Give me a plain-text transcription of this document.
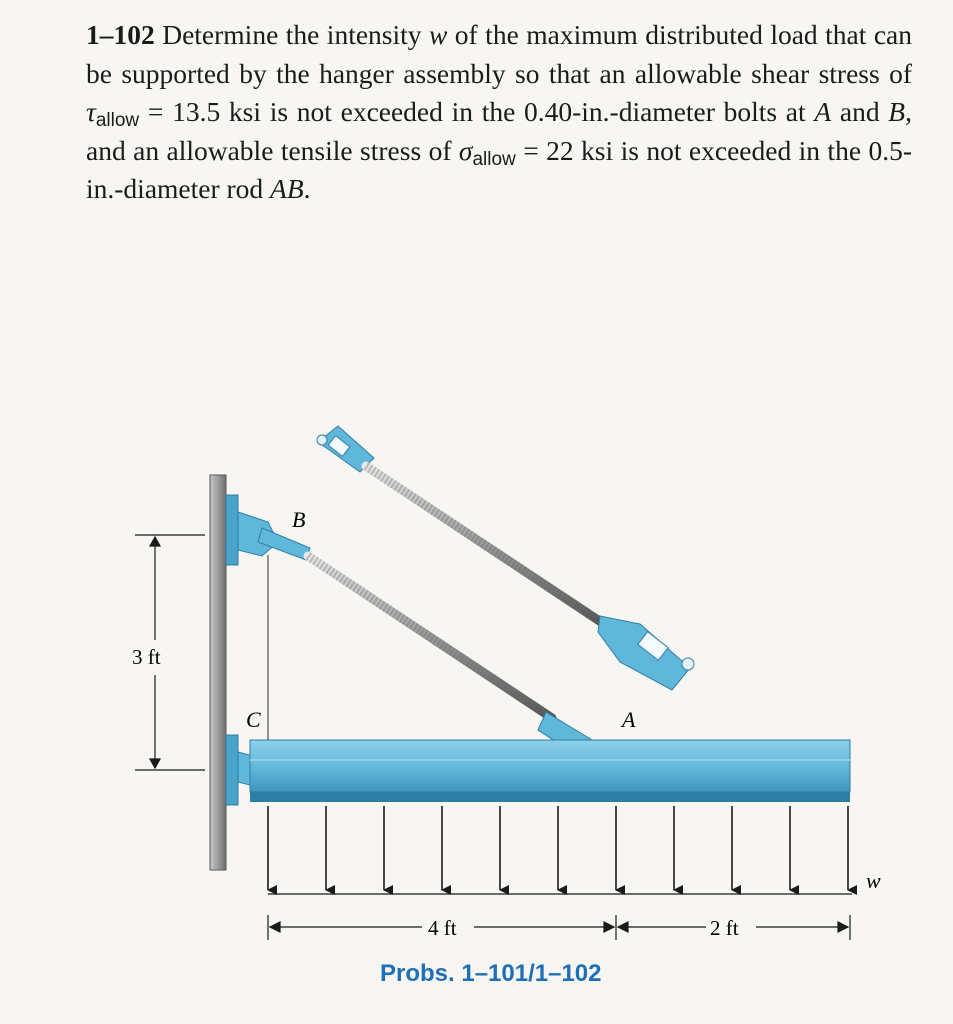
1–102 Determine the intensity w of the maximum distributed load that can be supported by the hanger assembly so that an allowable shear stress of $\tau_{allow} = 13.5$ ksi is not exceeded in the 0.40-in.-diameter bolts at A and B, and an allowable tensile stress of $\sigma_{allow} = 22$ ksi is not exceeded in the 0.5-in.-diameter rod AB.
B
C	A
w
3 ft
4 ft	2 ft
Probs. 1–101/1–102
